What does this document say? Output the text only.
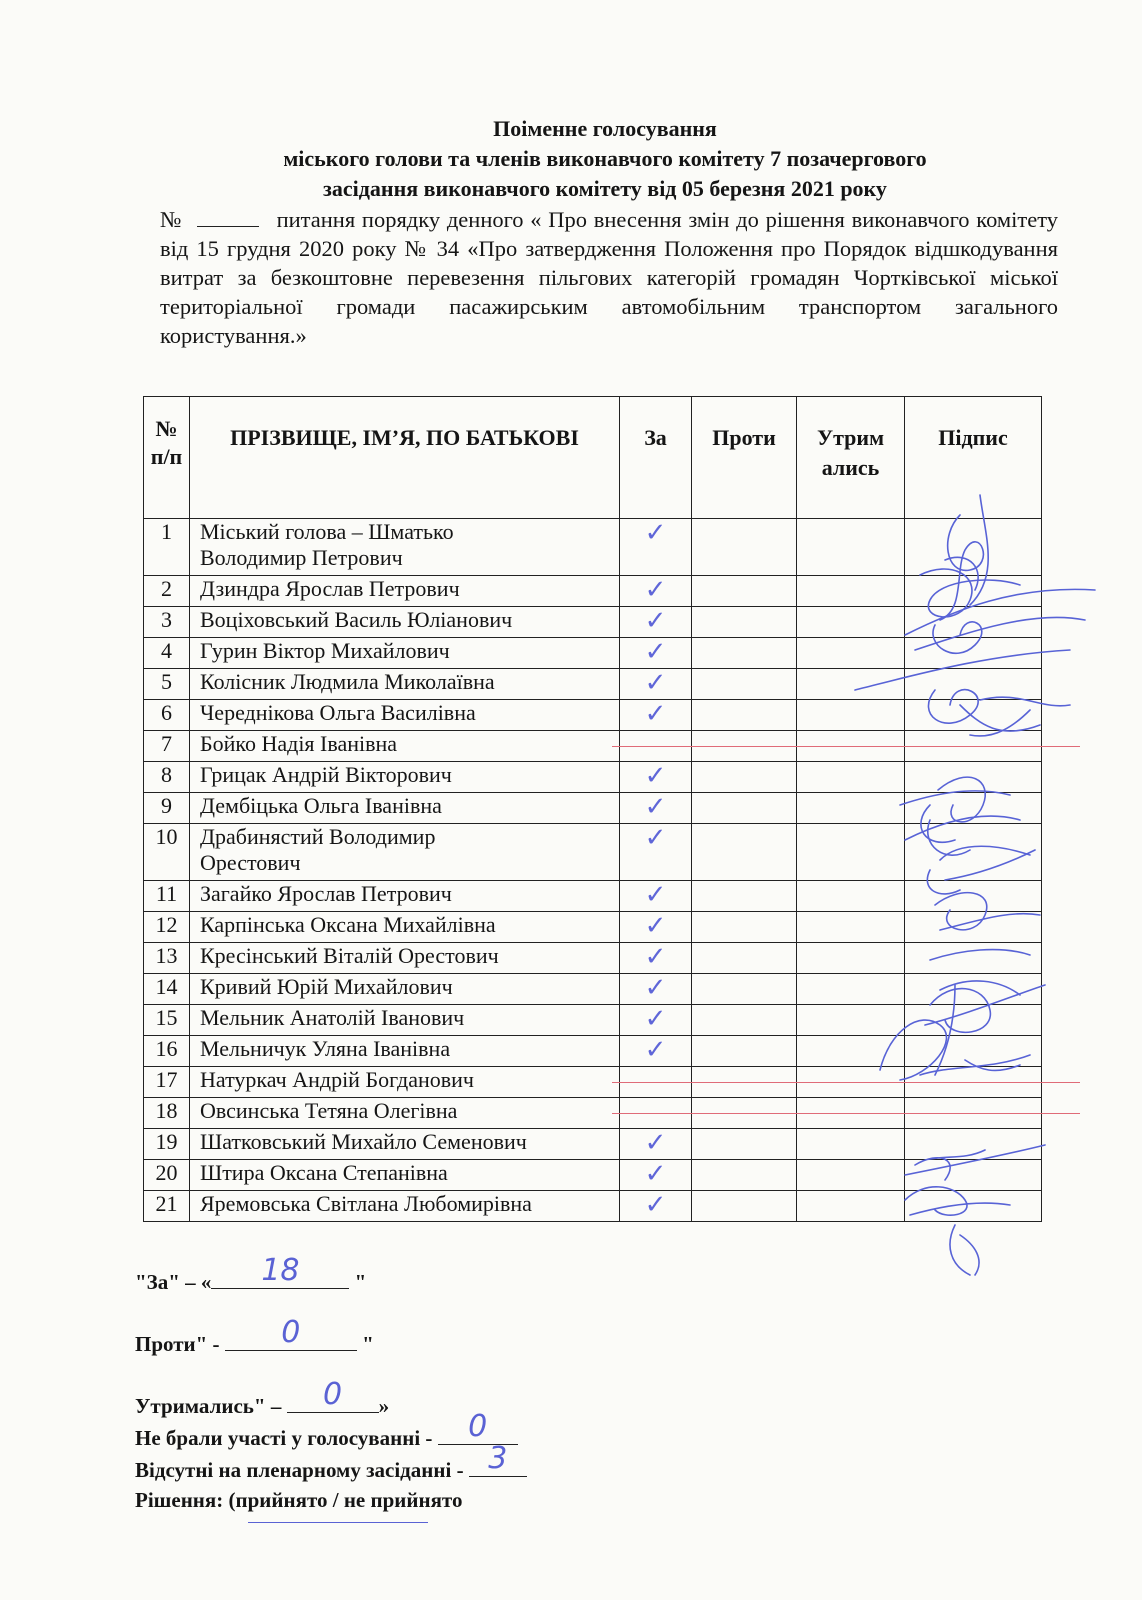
Поіменне голосування
міського голови та членів виконавчого комітету 7 позачергового
засідання виконавчого комітету від 05 березня 2021 року
№	питання порядку денного « Про внесення змін до рішення виконавчого комітету від 15 грудня 2020 року № 34 «Про затвердження Положення про Порядок відшкодування витрат за безкоштовне перевезення пільгових категорій громадян Чортківської міської територіальної громади пасажирським автомобільним транспортом загального користування.»
№ п/п	ПРІЗВИЩЕ, ІМ’Я, ПО БАТЬКОВІ	За	Проти	Утрим ались	Підпис
1	Міський голова – Шматько Володимир Петрович	✓			
2	Дзиндра Ярослав Петрович	✓			
3	Воціховський Василь Юліанович	✓			
4	Гурин Віктор Михайлович	✓			
5	Колісник Людмила Миколаївна	✓			
6	Череднікова Ольга Василівна	✓			
7	Бойко Надія Іванівна				
8	Грицак Андрій Вікторович	✓			
9	Дембіцька Ольга Іванівна	✓			
10	Драбинястий Володимир Орестович	✓			
11	Загайко Ярослав Петрович	✓			
12	Карпінська Оксана Михайлівна	✓			
13	Кресінський Віталій Орестович	✓			
14	Кривий Юрій Михайлович	✓			
15	Мельник Анатолій Іванович	✓			
16	Мельничук Уляна Іванівна	✓			
17	Натуркач Андрій Богданович				
18	Овсинська Тетяна Олегівна				
19	Шатковський Михайло Семенович	✓			
20	Штира Оксана Степанівна	✓			
21	Яремовська Світлана Любомирівна	✓			
"За" – «	18	"
Проти" -	0	"
Утримались" –	0	»
Не брали участі у голосуванні -	0
Відсутні на пленарному засіданні - 3
Рішення: (прийнято / не прийнято
